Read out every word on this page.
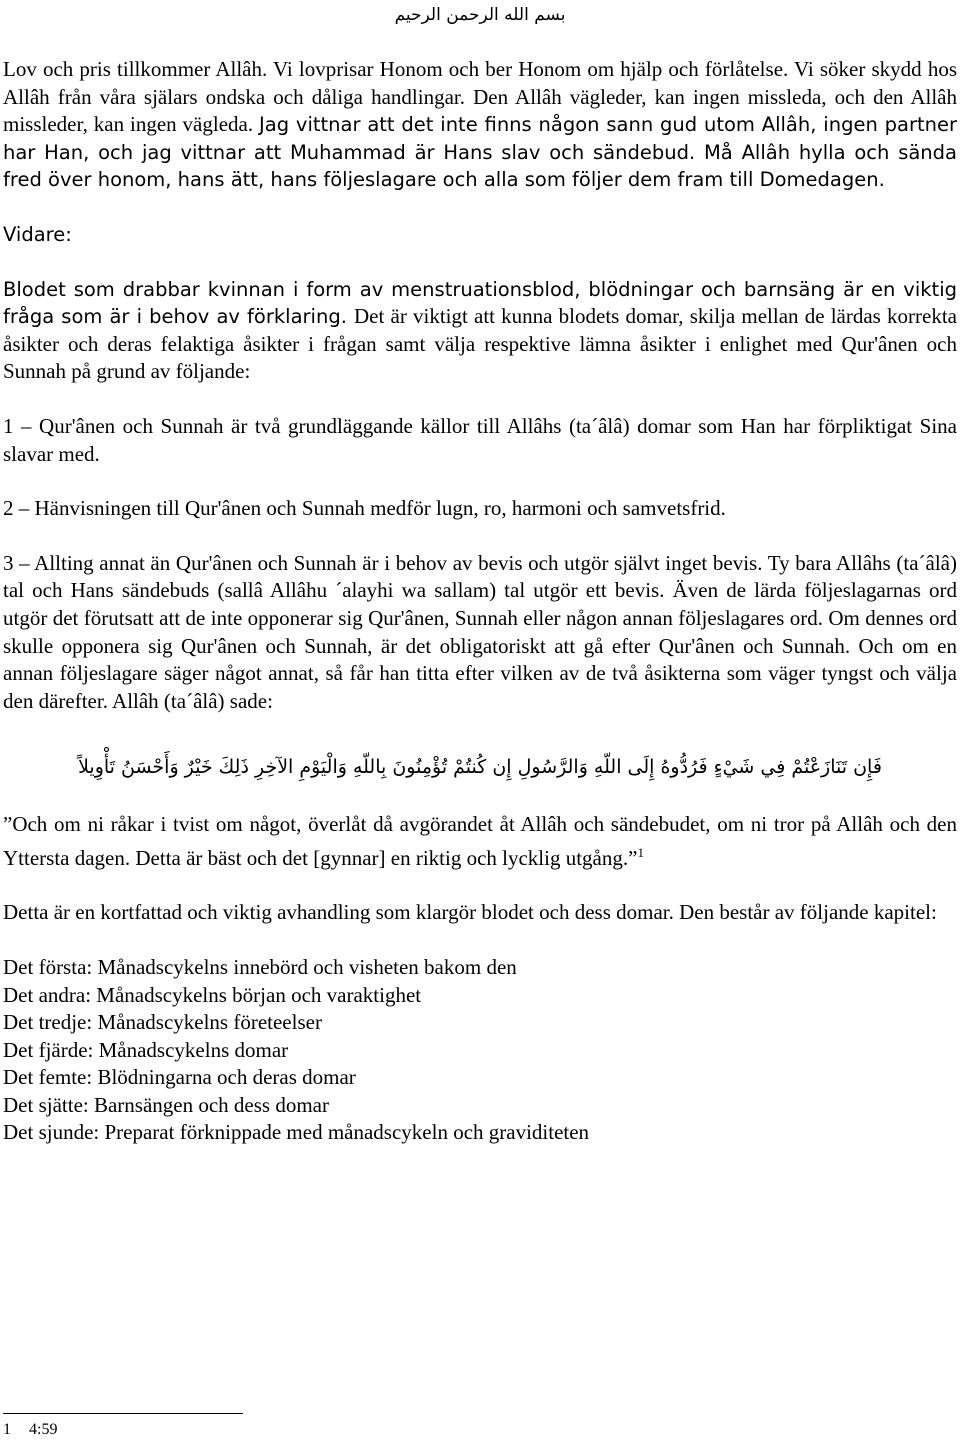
بسم الله الرحمن الرحيم

Lov och pris tillkommer Allâh. Vi lovprisar Honom och ber Honom om hjälp och förlåtelse. Vi söker skydd hos Allâh från våra själars ondska och dåliga handlingar. Den Allâh vägleder, kan ingen missleda, och den Allâh missleder, kan ingen vägleda. Jag vittnar att det inte finns någon sann gud utom Allâh, ingen partner har Han, och jag vittnar att Muhammad är Hans slav och sändebud. Må Allâh hylla och sända fred över honom, hans ätt, hans följeslagare och alla som följer dem fram till Domedagen.

Vidare:

Blodet som drabbar kvinnan i form av menstruationsblod, blödningar och barnsäng är en viktig fråga som är i behov av förklaring. Det är viktigt att kunna blodets domar, skilja mellan de lärdas korrekta åsikter och deras felaktiga åsikter i frågan samt välja respektive lämna åsikter i enlighet med Qur'ânen och Sunnah på grund av följande:

1 – Qur'ânen och Sunnah är två grundläggande källor till Allâhs (ta´âlâ) domar som Han har förpliktigat Sina slavar med.

2 – Hänvisningen till Qur'ânen och Sunnah medför lugn, ro, harmoni och samvetsfrid.

3 – Allting annat än Qur'ânen och Sunnah är i behov av bevis och utgör självt inget bevis. Ty bara Allâhs (ta´âlâ) tal och Hans sändebuds (sallâ Allâhu ´alayhi wa sallam) tal utgör ett bevis. Även de lärda följeslagarnas ord utgör det förutsatt att de inte opponerar sig Qur'ânen, Sunnah eller någon annan följeslagares ord. Om dennes ord skulle opponera sig Qur'ânen och Sunnah, är det obligatoriskt att gå efter Qur'ânen och Sunnah. Och om en annan följeslagare säger något annat, så får han titta efter vilken av de två åsikterna som väger tyngst och välja den därefter. Allâh (ta´âlâ) sade:

فَإِن تَنَازَعْتُمْ فِي شَيْءٍ فَرُدُّوهُ إِلَى اللّهِ وَالرَّسُولِ إِن كُنتُمْ تُؤْمِنُونَ بِاللّهِ وَالْيَوْمِ الآخِرِ ذَلِكَ خَيْرٌ وَأَحْسَنُ تَأْوِيلاً

”Och om ni råkar i tvist om något, överlåt då avgörandet åt Allâh och sändebudet, om ni tror på Allâh och den Yttersta dagen. Detta är bäst och det [gynnar] en riktig och lycklig utgång.”$^1$

Detta är en kortfattad och viktig avhandling som klargör blodet och dess domar. Den består av följande kapitel:

Det första: Månadscykelns innebörd och visheten bakom den
Det andra: Månadscykelns början och varaktighet
Det tredje: Månadscykelns företeelser
Det fjärde: Månadscykelns domar
Det femte: Blödningarna och deras domar
Det sjätte: Barnsängen och dess domar
Det sjunde: Preparat förknippade med månadscykeln och graviditeten
1 4:59
